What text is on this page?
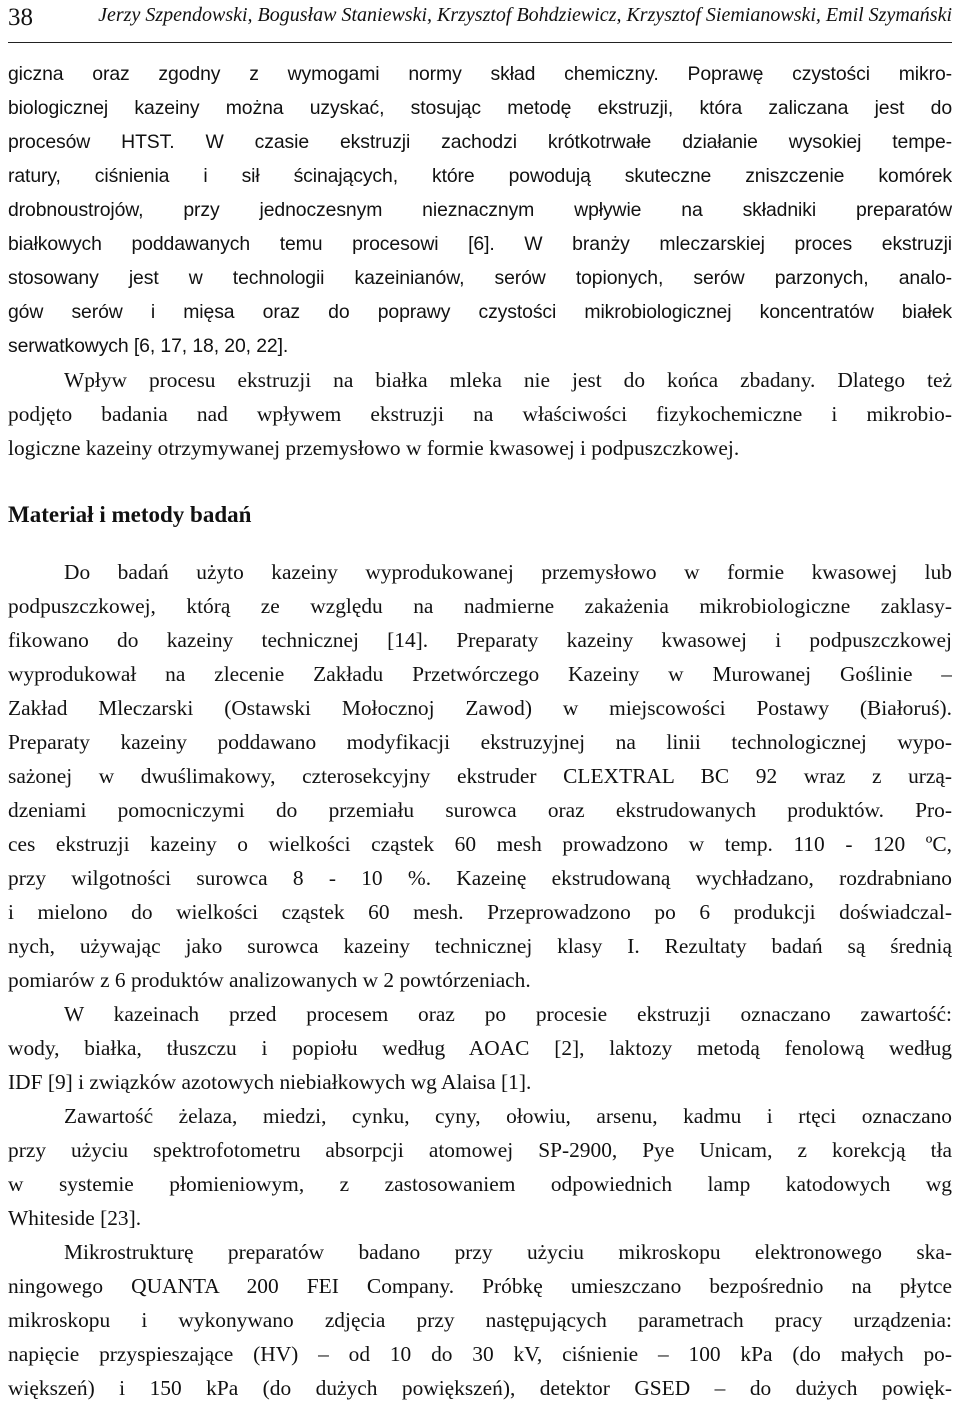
38	Jerzy Szpendowski, Bogusław Staniewski, Krzysztof Bohdziewicz, Krzysztof Siemianowski, Emil Szymański
giczna oraz zgodny z wymogami normy skład chemiczny. Poprawę czystości mikro-
biologicznej kazeiny można uzyskać, stosując metodę ekstruzji, która zaliczana jest do
procesów HTST. W czasie ekstruzji zachodzi krótkotrwałe działanie wysokiej tempe-
ratury, ciśnienia i sił ścinających, które powodują skuteczne zniszczenie komórek
drobnoustrojów, przy jednoczesnym nieznacznym wpływie na składniki preparatów
białkowych poddawanych temu procesowi [6]. W branży mleczarskiej proces ekstruzji
stosowany jest w technologii kazeinianów, serów topionych, serów parzonych, analo-
gów serów i mięsa oraz do poprawy czystości mikrobiologicznej koncentratów białek
serwatkowych [6, 17, 18, 20, 22].
Wpływ procesu ekstruzji na białka mleka nie jest do końca zbadany. Dlatego też
podjęto badania nad wpływem ekstruzji na właściwości fizykochemiczne i mikrobio-
logiczne kazeiny otrzymywanej przemysłowo w formie kwasowej i podpuszczkowej.
Materiał i metody badań
Do badań użyto kazeiny wyprodukowanej przemysłowo w formie kwasowej lub
podpuszczkowej, którą ze względu na nadmierne zakażenia mikrobiologiczne zaklasy-
fikowano do kazeiny technicznej [14]. Preparaty kazeiny kwasowej i podpuszczkowej
wyprodukował na zlecenie Zakładu Przetwórczego Kazeiny w Murowanej Goślinie –
Zakład Mleczarski (Ostawski Mołocznoj Zawod) w miejscowości Postawy (Białoruś).
Preparaty kazeiny poddawano modyfikacji ekstruzyjnej na linii technologicznej wypo-
sażonej w dwuślimakowy, czterosekcyjny ekstruder CLEXTRAL BC 92 wraz z urzą-
dzeniami pomocniczymi do przemiału surowca oraz ekstrudowanych produktów. Pro-
ces ekstruzji kazeiny o wielkości cząstek 60 mesh prowadzono w temp. 110 - 120 ºC,
przy wilgotności surowca 8 - 10 %. Kazeinę ekstrudowaną wychładzano, rozdrabniano
i mielono do wielkości cząstek 60 mesh. Przeprowadzono po 6 produkcji doświadczal-
nych, używając jako surowca kazeiny technicznej klasy I. Rezultaty badań są średnią
pomiarów z 6 produktów analizowanych w 2 powtórzeniach.
W kazeinach przed procesem oraz po procesie ekstruzji oznaczano zawartość:
wody, białka, tłuszczu i popiołu według AOAC [2], laktozy metodą fenolową według
IDF [9] i związków azotowych niebiałkowych wg Alaisa [1].
Zawartość żelaza, miedzi, cynku, cyny, ołowiu, arsenu, kadmu i rtęci oznaczano
przy użyciu spektrofotometru absorpcji atomowej SP-2900, Pye Unicam, z korekcją tła
w systemie płomieniowym, z zastosowaniem odpowiednich lamp katodowych wg
Whiteside [23].
Mikrostrukturę preparatów badano przy użyciu mikroskopu elektronowego ska-
ningowego QUANTA 200 FEI Company. Próbkę umieszczano bezpośrednio na płytce
mikroskopu i wykonywano zdjęcia przy następujących parametrach pracy urządzenia:
napięcie przyspieszające (HV) – od 10 do 30 kV, ciśnienie – 100 kPa (do małych po-
większeń) i 150 kPa (do dużych powiększeń), detektor GSED – do dużych powięk-
